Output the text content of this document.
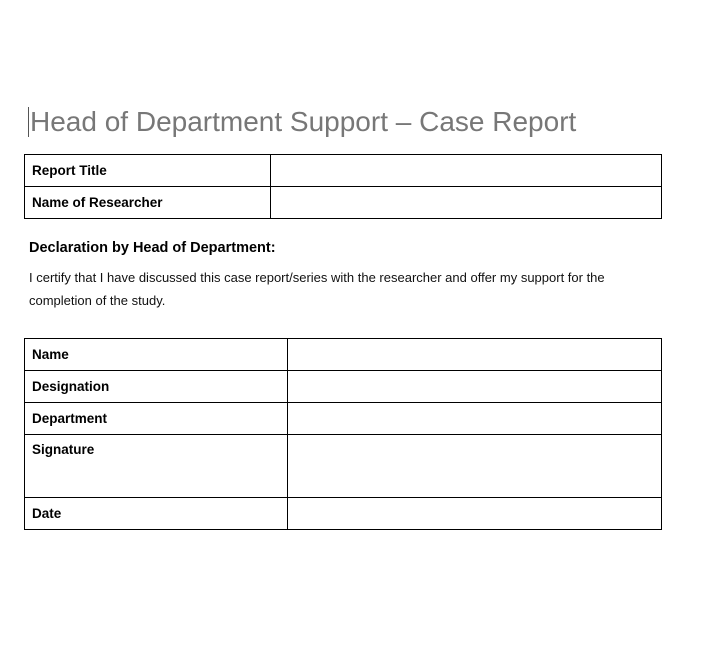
Head of Department Support – Case Report
Report Title	
Name of Researcher	
Declaration by Head of Department:
I certify that I have discussed this case report/series with the researcher and offer my support for the completion of the study.
Name	
Designation	
Department	
Signature	
Date	
